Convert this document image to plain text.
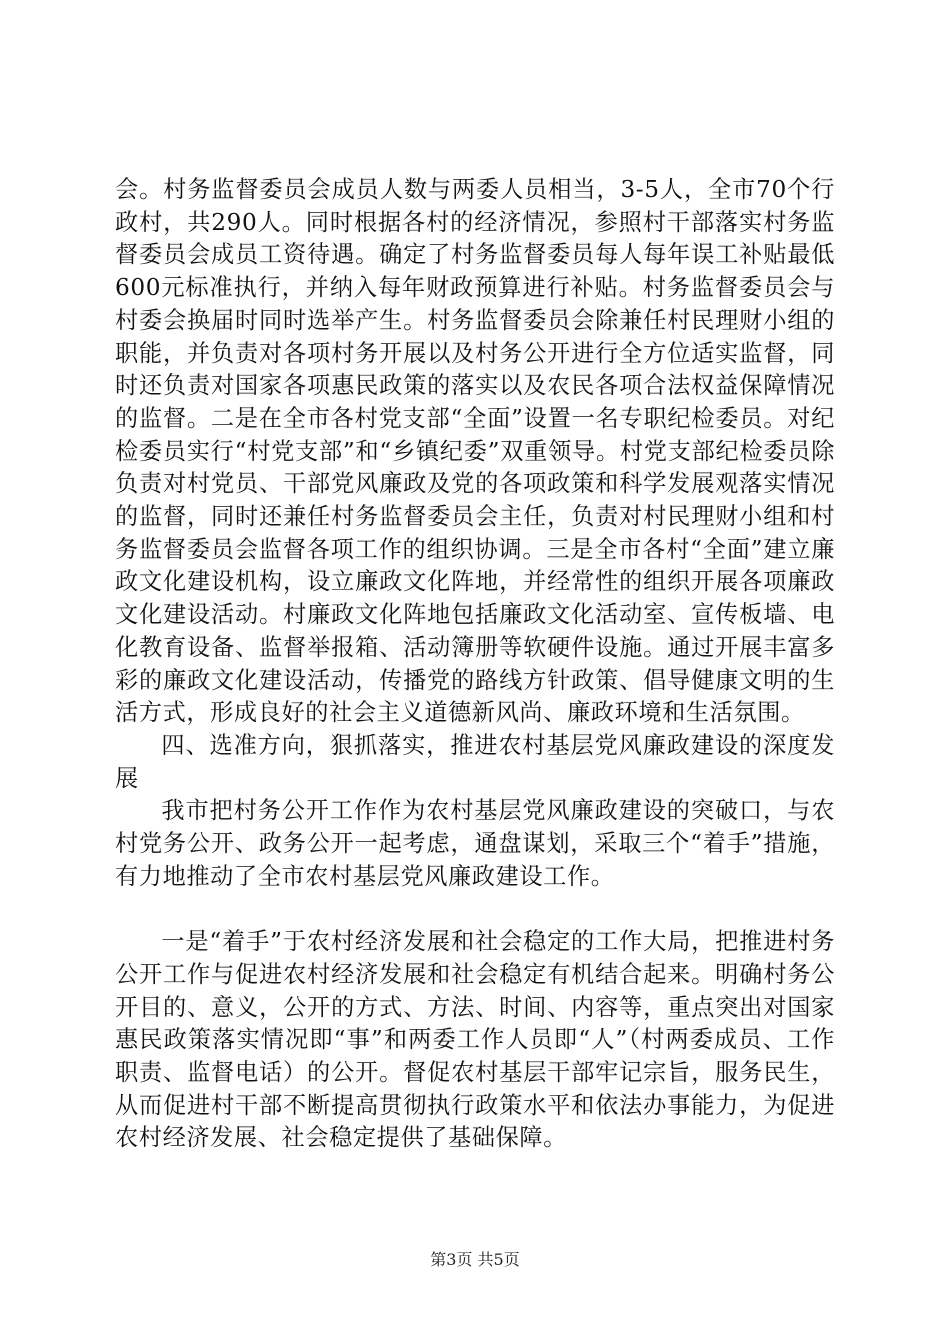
会。村务监督委员会成员人数与两委人员相当，3-5人，全市70个行政村，共290人。同时根据各村的经济情况，参照村干部落实村务监督委员会成员工资待遇。确定了村务监督委员每人每年误工补贴最低600元标准执行，并纳入每年财政预算进行补贴。村务监督委员会与村委会换届时同时选举产生。村务监督委员会除兼任村民理财小组的职能，并负责对各项村务开展以及村务公开进行全方位适实监督，同时还负责对国家各项惠民政策的落实以及农民各项合法权益保障情况的监督。二是在全市各村党支部“全面”设置一名专职纪检委员。对纪检委员实行“村党支部”和“乡镇纪委”双重领导。村党支部纪检委员除负责对村党员、干部党风廉政及党的各项政策和科学发展观落实情况的监督，同时还兼任村务监督委员会主任，负责对村民理财小组和村务监督委员会监督各项工作的组织协调。三是全市各村“全面”建立廉政文化建设机构，设立廉政文化阵地，并经常性的组织开展各项廉政文化建设活动。村廉政文化阵地包括廉政文化活动室、宣传板墙、电化教育设备、监督举报箱、活动簿册等软硬件设施。通过开展丰富多彩的廉政文化建设活动，传播党的路线方针政策、倡导健康文明的生活方式，形成良好的社会主义道德新风尚、廉政环境和生活氛围。

四、选准方向，狠抓落实，推进农村基层党风廉政建设的深度发展

我市把村务公开工作作为农村基层党风廉政建设的突破口，与农村党务公开、政务公开一起考虑，通盘谋划，采取三个“着手”措施，有力地推动了全市农村基层党风廉政建设工作。

一是“着手”于农村经济发展和社会稳定的工作大局，把推进村务公开工作与促进农村经济发展和社会稳定有机结合起来。明确村务公开目的、意义，公开的方式、方法、时间、内容等，重点突出对国家惠民政策落实情况即“事”和两委工作人员即“人”（村两委成员、工作职责、监督电话）的公开。督促农村基层干部牢记宗旨，服务民生，从而促进村干部不断提高贯彻执行政策水平和依法办事能力，为促进农村经济发展、社会稳定提供了基础保障。

第3页 共5页
